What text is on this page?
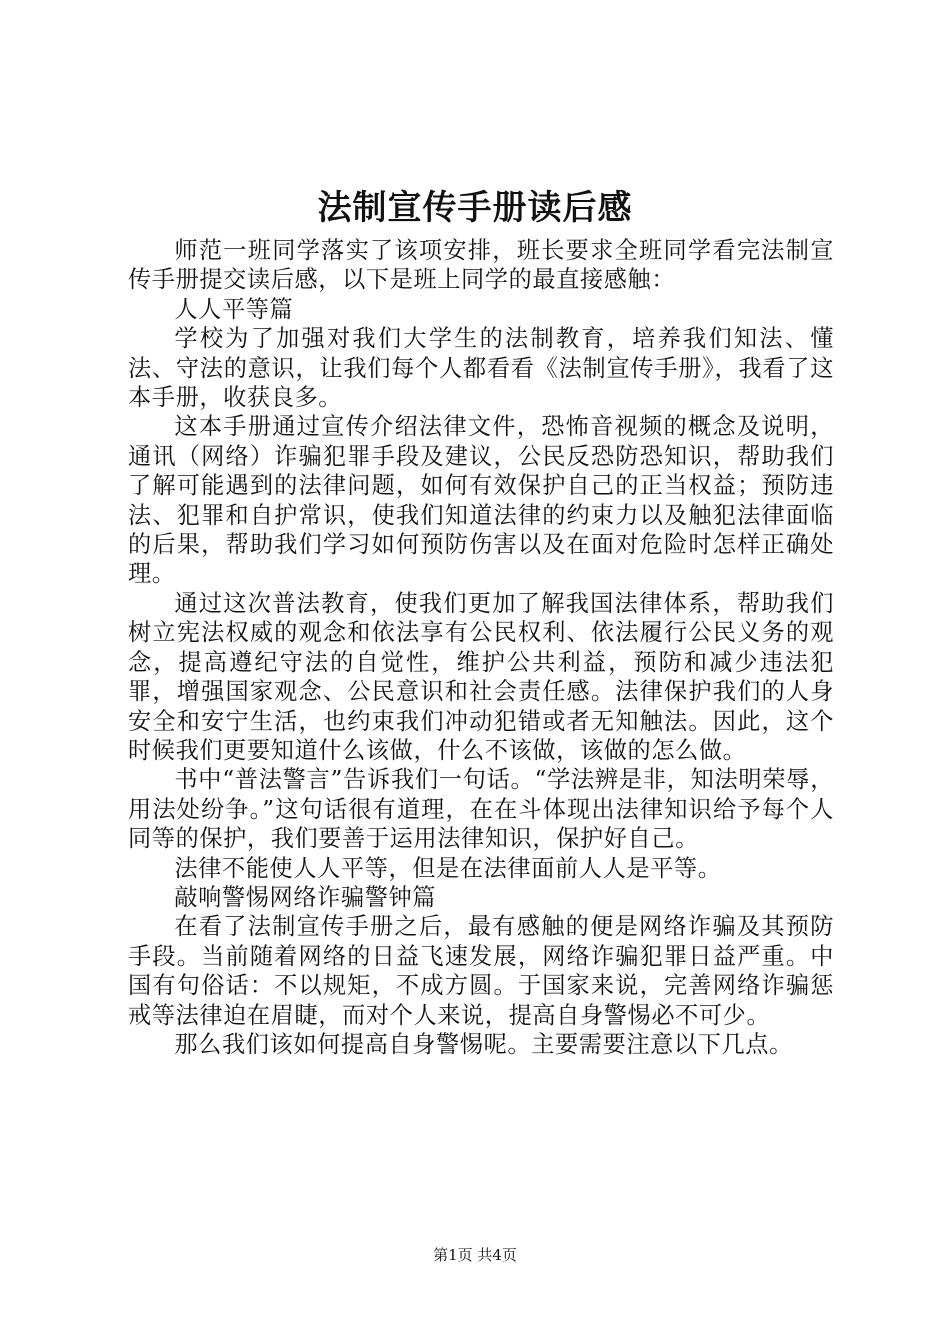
法制宣传手册读后感

师范一班同学落实了该项安排，班长要求全班同学看完法制宣传手册提交读后感，以下是班上同学的最直接感触：

人人平等篇

学校为了加强对我们大学生的法制教育，培养我们知法、懂法、守法的意识，让我们每个人都看看《法制宣传手册》，我看了这本手册，收获良多。

这本手册通过宣传介绍法律文件，恐怖音视频的概念及说明，通讯（网络）诈骗犯罪手段及建议，公民反恐防恐知识，帮助我们了解可能遇到的法律问题，如何有效保护自己的正当权益；预防违法、犯罪和自护常识，使我们知道法律的约束力以及触犯法律面临的后果，帮助我们学习如何预防伤害以及在面对危险时怎样正确处理。

通过这次普法教育，使我们更加了解我国法律体系，帮助我们树立宪法权威的观念和依法享有公民权利、依法履行公民义务的观念，提高遵纪守法的自觉性，维护公共利益，预防和减少违法犯罪，增强国家观念、公民意识和社会责任感。法律保护我们的人身安全和安宁生活，也约束我们冲动犯错或者无知触法。因此，这个时候我们更要知道什么该做，什么不该做，该做的怎么做。

书中“普法警言”告诉我们一句话。“学法辨是非，知法明荣辱，用法处纷争。”这句话很有道理，在在斗体现出法律知识给予每个人同等的保护，我们要善于运用法律知识，保护好自己。

法律不能使人人平等，但是在法律面前人人是平等。

敲响警惕网络诈骗警钟篇

在看了法制宣传手册之后，最有感触的便是网络诈骗及其预防手段。当前随着网络的日益飞速发展，网络诈骗犯罪日益严重。中国有句俗话：不以规矩，不成方圆。于国家来说，完善网络诈骗惩戒等法律迫在眉睫，而对个人来说，提高自身警惕必不可少。

那么我们该如何提高自身警惕呢。主要需要注意以下几点。

第1页 共4页
